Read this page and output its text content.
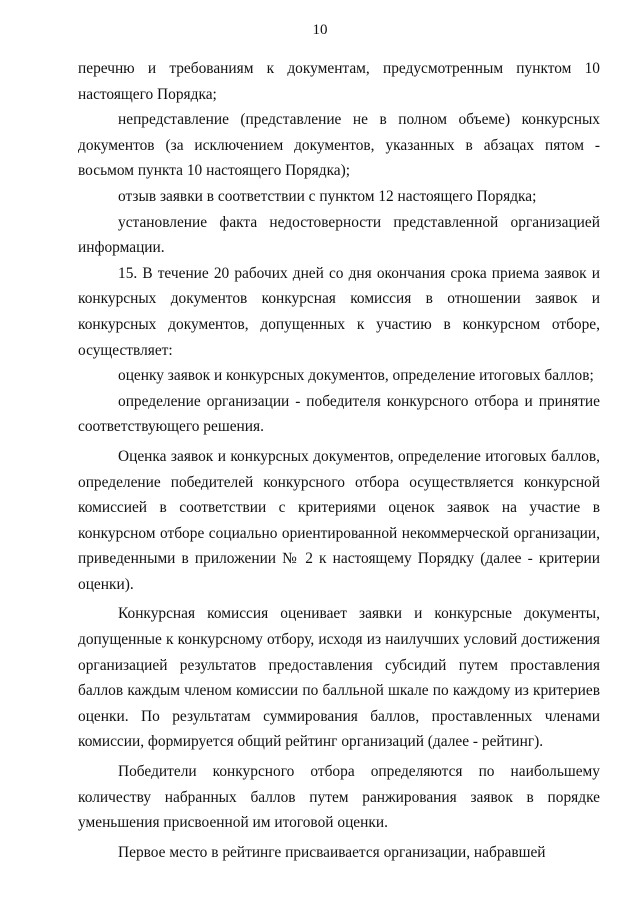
10

перечню и требованиям к документам, предусмотренным пунктом 10 настоящего Порядка;

непредставление (представление не в полном объеме) конкурсных документов (за исключением документов, указанных в абзацах пятом - восьмом пункта 10 настоящего Порядка);

отзыв заявки в соответствии с пунктом 12 настоящего Порядка;

установление факта недостоверности представленной организацией информации.

15. В течение 20 рабочих дней со дня окончания срока приема заявок и конкурсных документов конкурсная комиссия в отношении заявок и конкурсных документов, допущенных к участию в конкурсном отборе, осуществляет:

оценку заявок и конкурсных документов, определение итоговых баллов;

определение организации - победителя конкурсного отбора и принятие соответствующего решения.

Оценка заявок и конкурсных документов, определение итоговых баллов, определение победителей конкурсного отбора осуществляется конкурсной комиссией в соответствии с критериями оценок заявок на участие в конкурсном отборе социально ориентированной некоммерческой организации, приведенными в приложении № 2 к настоящему Порядку (далее - критерии оценки).

Конкурсная комиссия оценивает заявки и конкурсные документы, допущенные к конкурсному отбору, исходя из наилучших условий достижения организацией результатов предоставления субсидий путем проставления баллов каждым членом комиссии по балльной шкале по каждому из критериев оценки. По результатам суммирования баллов, проставленных членами комиссии, формируется общий рейтинг организаций (далее - рейтинг).

Победители конкурсного отбора определяются по наибольшему количеству набранных баллов путем ранжирования заявок в порядке уменьшения присвоенной им итоговой оценки.

Первое место в рейтинге присваивается организации, набравшей
